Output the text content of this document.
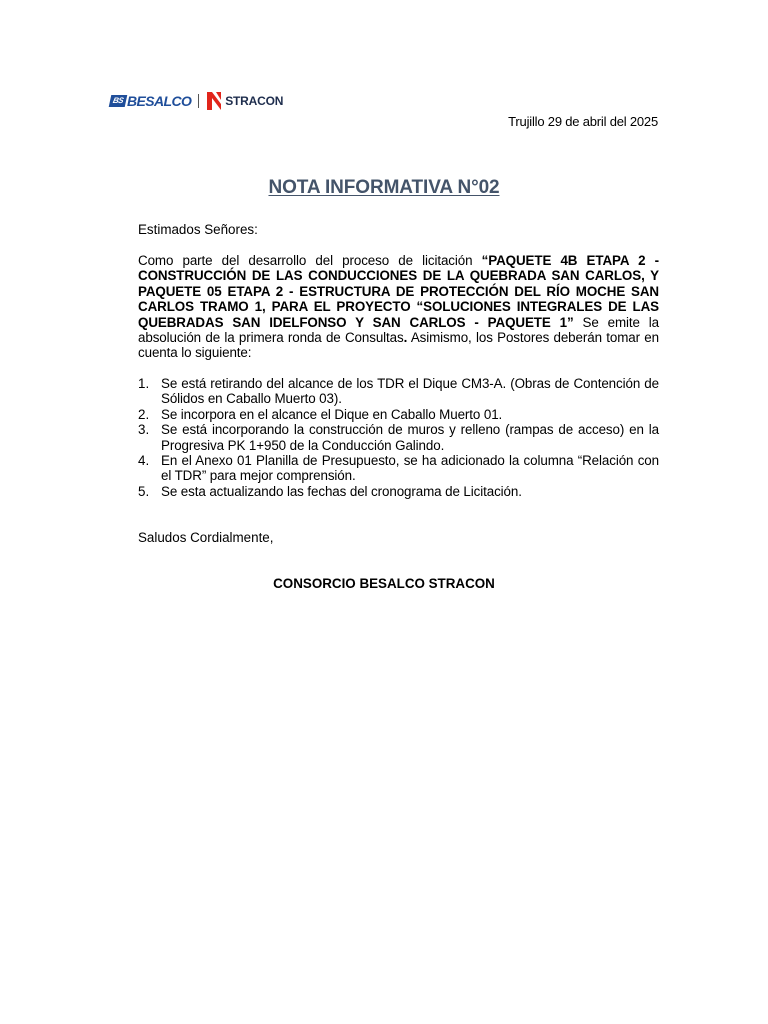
BS BESALCO	STRACON
Trujillo 29 de abril del 2025
NOTA INFORMATIVA N°02
Estimados Señores:
Como parte del desarrollo del proceso de licitación “PAQUETE 4B ETAPA 2 - CONSTRUCCIÓN DE LAS CONDUCCIONES DE LA QUEBRADA SAN CARLOS, Y PAQUETE 05 ETAPA 2 - ESTRUCTURA DE PROTECCIÓN DEL RÍO MOCHE SAN CARLOS TRAMO 1, PARA EL PROYECTO “SOLUCIONES INTEGRALES DE LAS QUEBRADAS SAN IDELFONSO Y SAN CARLOS - PAQUETE 1” Se emite la absolución de la primera ronda de Consultas. Asimismo, los Postores deberán tomar en cuenta lo siguiente:
1. Se está retirando del alcance de los TDR el Dique CM3-A. (Obras de Contención de Sólidos en Caballo Muerto 03).
2. Se incorpora en el alcance el Dique en Caballo Muerto 01.
3. Se está incorporando la construcción de muros y relleno (rampas de acceso) en la Progresiva PK 1+950 de la Conducción Galindo.
4. En el Anexo 01 Planilla de Presupuesto, se ha adicionado la columna “Relación con el TDR” para mejor comprensión.
5. Se esta actualizando las fechas del cronograma de Licitación.
Saludos Cordialmente,
CONSORCIO BESALCO STRACON
